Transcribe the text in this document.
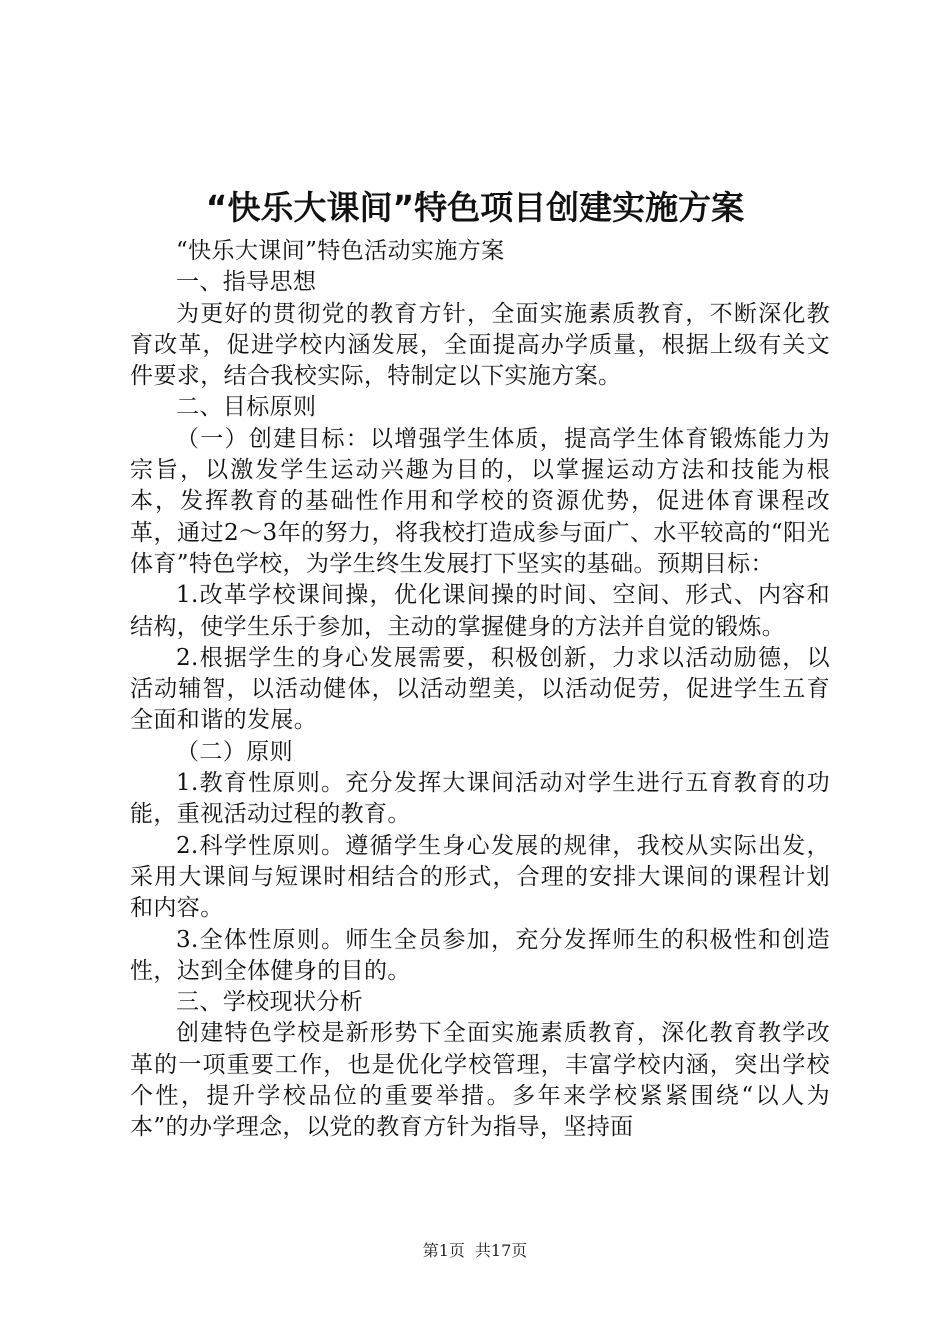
“快乐大课间”特色项目创建实施方案

“快乐大课间”特色活动实施方案

一、指导思想

为更好的贯彻党的教育方针，全面实施素质教育，不断深化教育改革，促进学校内涵发展，全面提高办学质量，根据上级有关文件要求，结合我校实际，特制定以下实施方案。

二、目标原则

（一）创建目标：以增强学生体质，提高学生体育锻炼能力为宗旨，以激发学生运动兴趣为目的，以掌握运动方法和技能为根本，发挥教育的基础性作用和学校的资源优势，促进体育课程改革，通过2～3年的努力，将我校打造成参与面广、水平较高的“阳光体育”特色学校，为学生终生发展打下坚实的基础。预期目标：

1.改革学校课间操，优化课间操的时间、空间、形式、内容和结构，使学生乐于参加，主动的掌握健身的方法并自觉的锻炼。

2.根据学生的身心发展需要，积极创新，力求以活动励德，以活动辅智，以活动健体，以活动塑美，以活动促劳，促进学生五育全面和谐的发展。

（二）原则

1.教育性原则。充分发挥大课间活动对学生进行五育教育的功能，重视活动过程的教育。

2.科学性原则。遵循学生身心发展的规律，我校从实际出发，采用大课间与短课时相结合的形式，合理的安排大课间的课程计划和内容。

3.全体性原则。师生全员参加，充分发挥师生的积极性和创造性，达到全体健身的目的。

三、学校现状分析

创建特色学校是新形势下全面实施素质教育，深化教育教学改革的一项重要工作，也是优化学校管理，丰富学校内涵，突出学校个性，提升学校品位的重要举措。多年来学校紧紧围绕“以人为本”的办学理念，以党的教育方针为指导，坚持面

第1页 共17页
